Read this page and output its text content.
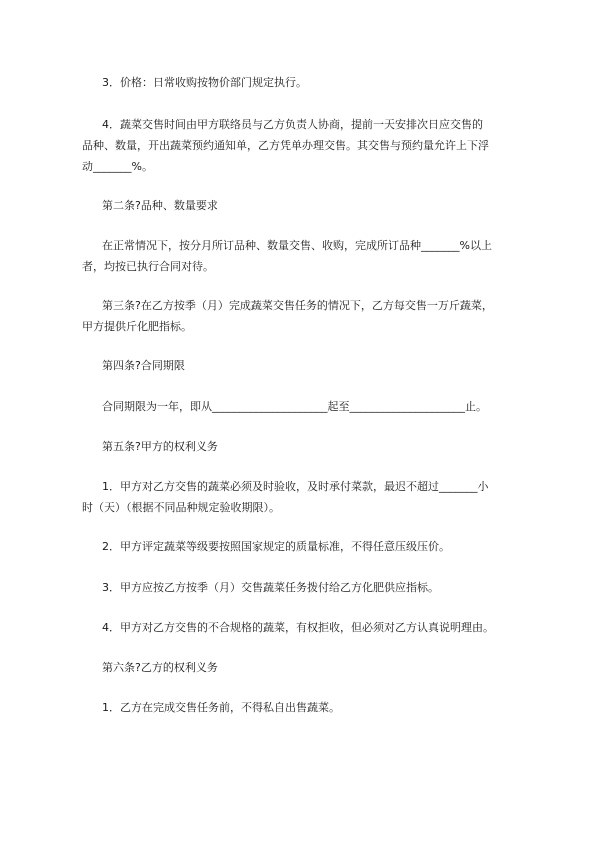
3．价格：日常收购按物价部门规定执行。

4．蔬菜交售时间由甲方联络员与乙方负责人协商，提前一天安排次日应交售的
品种、数量，开出蔬菜预约通知单，乙方凭单办理交售。其交售与预约量允许上下浮
动_______%。

第二条?品种、数量要求

在正常情况下，按分月所订品种、数量交售、收购，完成所订品种_______%以上
者，均按已执行合同对待。

第三条?在乙方按季（月）完成蔬菜交售任务的情况下，乙方每交售一万斤蔬菜，
甲方提供斤化肥指标。

第四条?合同期限

合同期限为一年，即从_____________________起至_____________________止。

第五条?甲方的权利义务

1．甲方对乙方交售的蔬菜必须及时验收，及时承付菜款，最迟不超过_______小
时（天）（根据不同品种规定验收期限）。

2．甲方评定蔬菜等级要按照国家规定的质量标准，不得任意压级压价。

3．甲方应按乙方按季（月）交售蔬菜任务拨付给乙方化肥供应指标。

4．甲方对乙方交售的不合规格的蔬菜，有权拒收，但必须对乙方认真说明理由。

第六条?乙方的权利义务

1．乙方在完成交售任务前，不得私自出售蔬菜。
